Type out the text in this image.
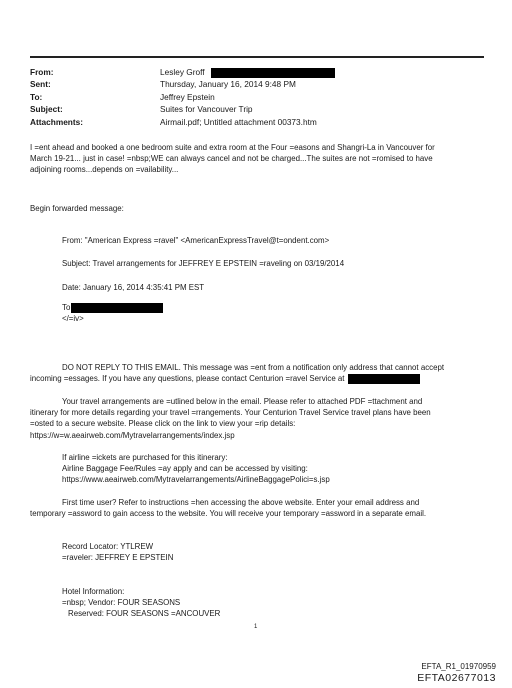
From:	Lesley Groff
Sent:	Thursday, January 16, 2014 9:48 PM
To:	Jeffrey Epstein
Subject:	Suites for Vancouver Trip
Attachments:	Airmail.pdf; Untitled attachment 00373.htm
I =ent ahead and booked a one bedroom suite and extra room at the Four =easons and Shangri-La in Vancouver for
March 19-21... just in case! =nbsp;WE can always cancel and not be charged...The suites are not =romised to have
adjoining rooms...depends on =vailability...
Begin forwarded message:
From: "American Express =ravel" <AmericanExpressTravel@t=ondent.com>
Subject: Travel arrangements for JEFFREY E EPSTEIN =raveling on 03/19/2014
Date: January 16, 2014 4:35:41 PM EST
To
</=iv>
DO NOT REPLY TO THIS EMAIL. This message was =ent from a notification only address that cannot accept
incoming =essages. If you have any questions, please contact Centurion =ravel Service at
Your travel arrangements are =utlined below in the email. Please refer to attached PDF =ttachment and
itinerary for more details regarding your travel =rrangements. Your Centurion Travel Service travel plans have been
=osted to a secure website. Please click on the link to view your =rip details:
https://w=w.aeairweb.com/Mytravelarrangements/index.jsp
If airline =ickets are purchased for this itinerary:
Airline Baggage Fee/Rules =ay apply and can be accessed by visiting:
https://www.aeairweb.com/Mytravelarrangements/AirlineBaggagePolici=s.jsp
First time user? Refer to instructions =hen accessing the above website. Enter your email address and
temporary =assword to gain access to the website. You will receive your temporary =assword in a separate email.
Record Locator: YTLREW
=raveler: JEFFREY E EPSTEIN
Hotel Information:
=nbsp; Vendor: FOUR SEASONS
Reserved: FOUR SEASONS =ANCOUVER
1
EFTA_R1_01970959
EFTA02677013
